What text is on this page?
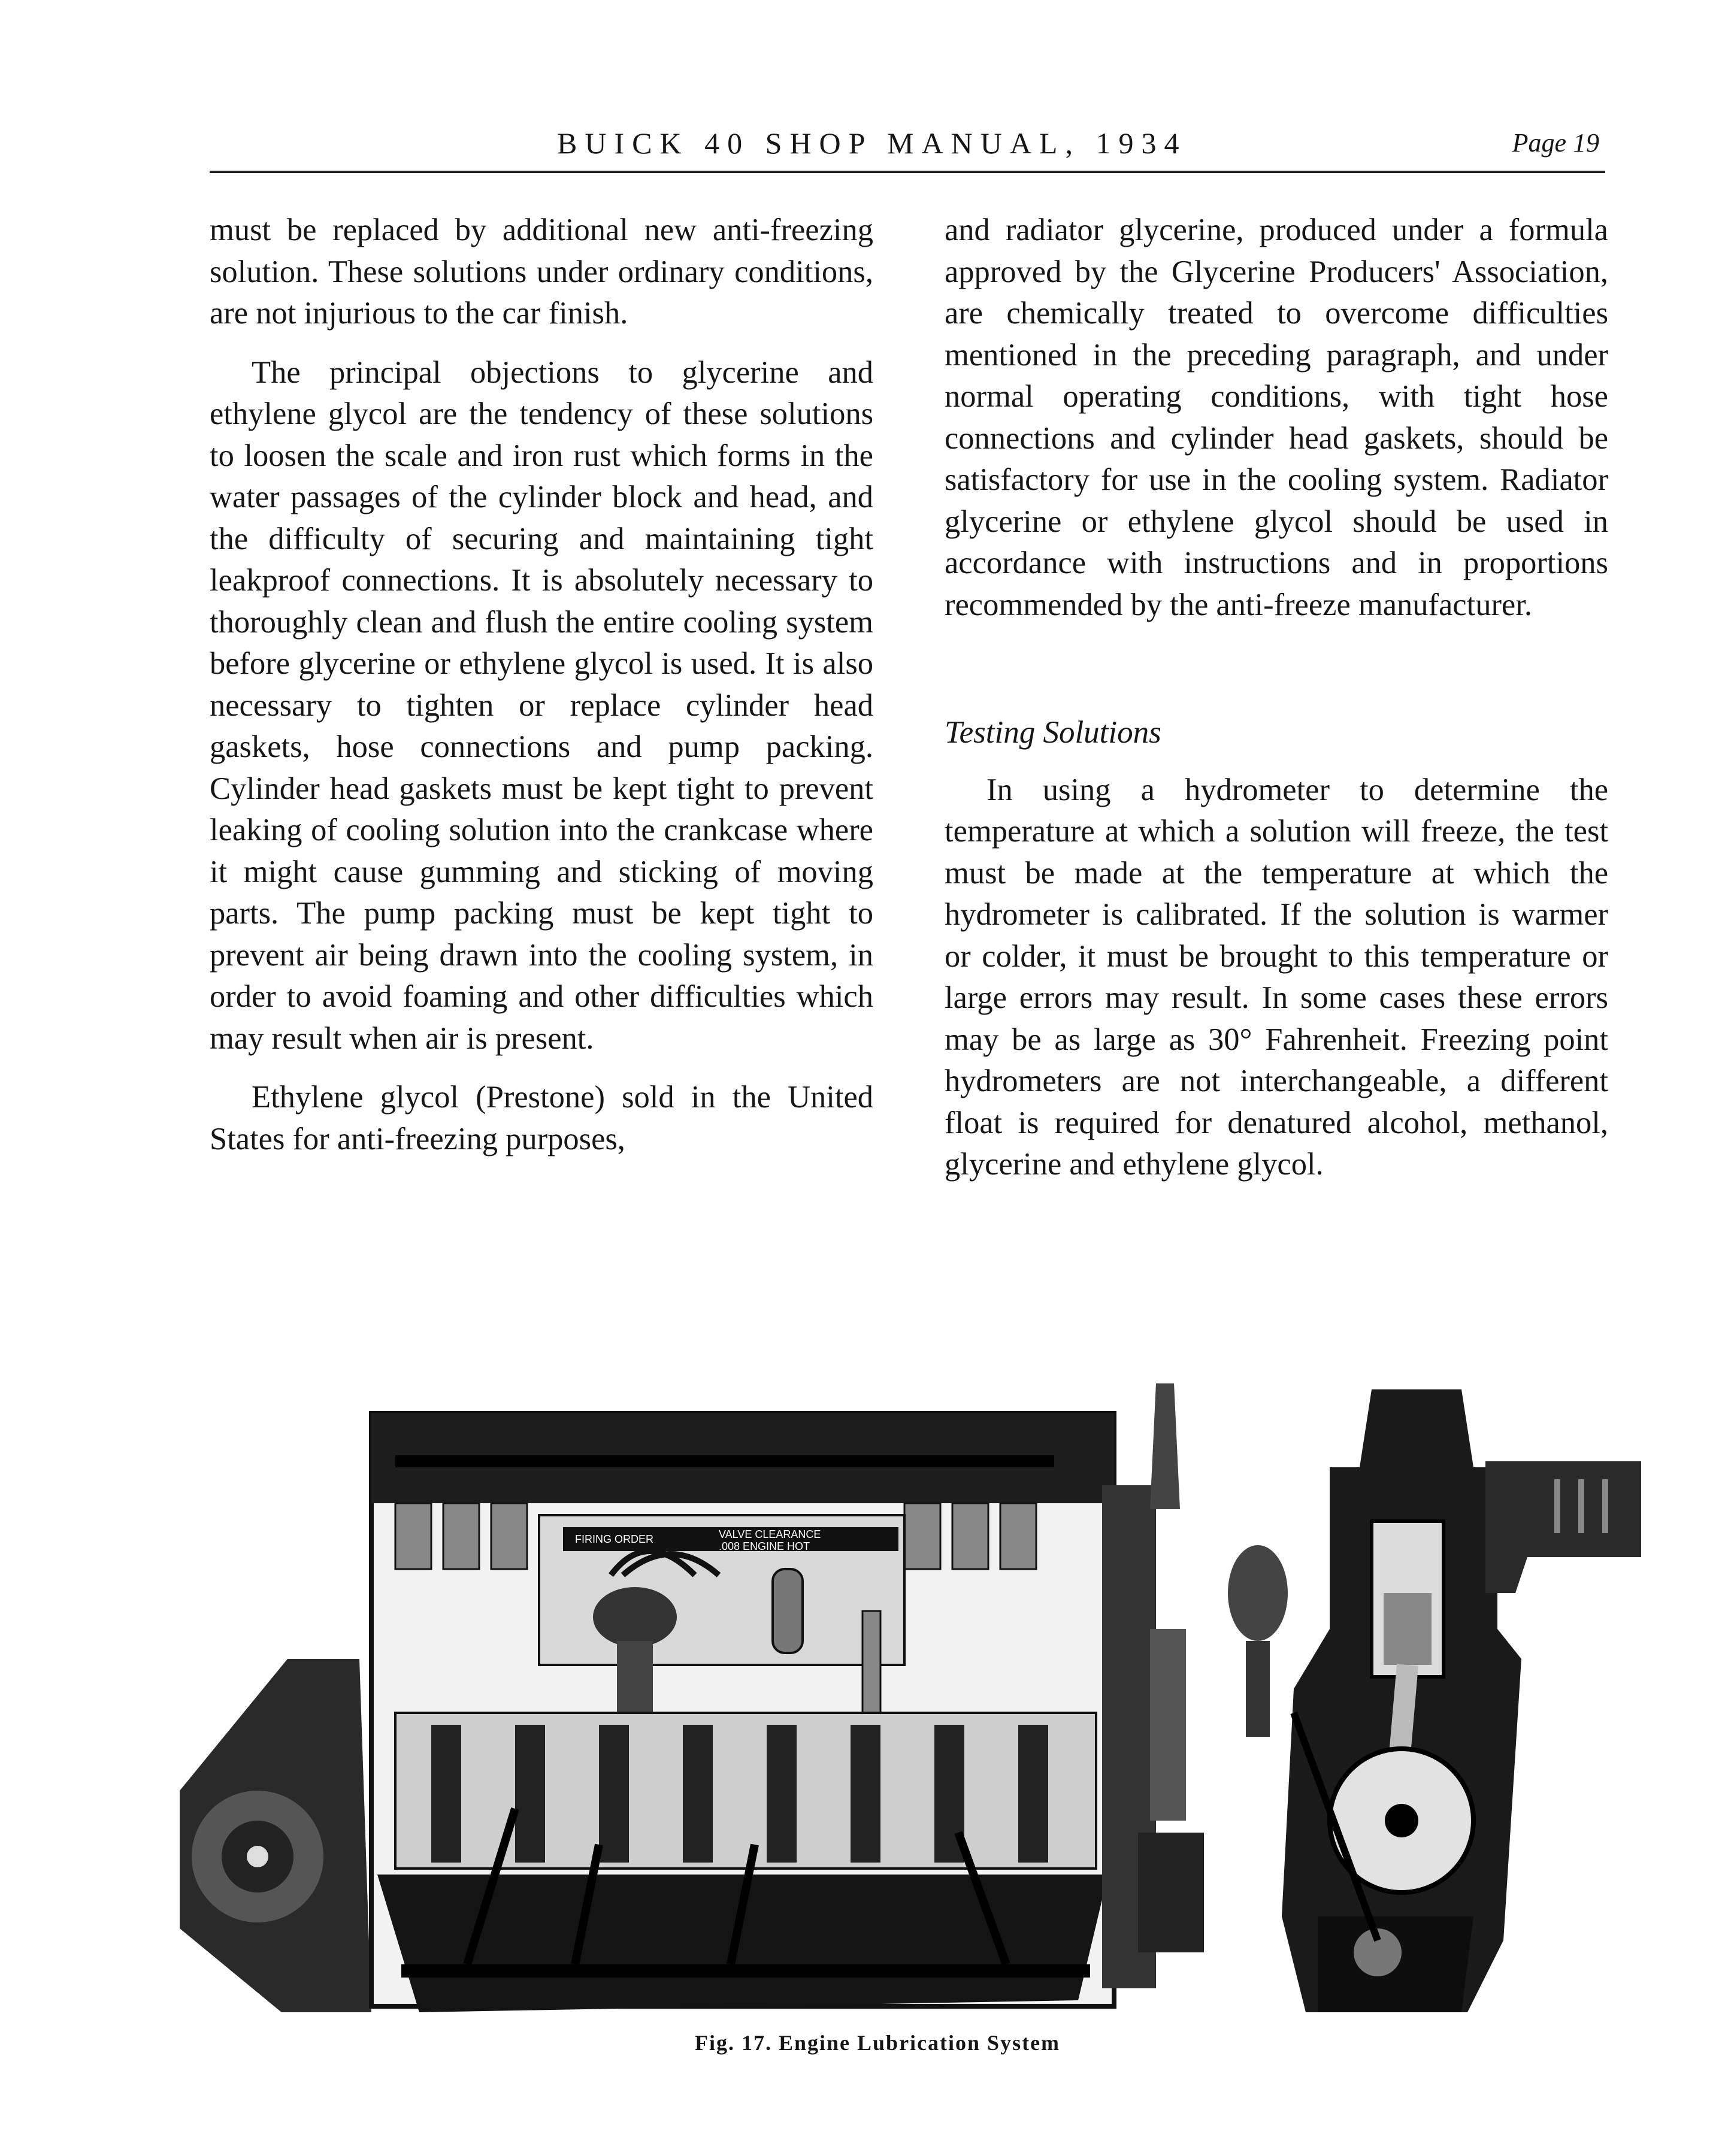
BUICK 40 SHOP MANUAL, 1934	Page 19

must be replaced by additional new anti-freezing solution. These solutions under ordinary conditions, are not injurious to the car finish.

The principal objections to glycerine and ethylene glycol are the tendency of these solutions to loosen the scale and iron rust which forms in the water passages of the cylinder block and head, and the difficulty of securing and maintaining tight leakproof connections. It is absolutely necessary to thoroughly clean and flush the entire cooling system before glycerine or ethylene glycol is used. It is also necessary to tighten or replace cylinder head gaskets, hose connections and pump packing. Cylinder head gaskets must be kept tight to prevent leaking of cooling solution into the crankcase where it might cause gumming and sticking of moving parts. The pump packing must be kept tight to prevent air being drawn into the cooling system, in order to avoid foaming and other difficulties which may result when air is present.

Ethylene glycol (Prestone) sold in the United States for anti-freezing purposes,

and radiator glycerine, produced under a formula approved by the Glycerine Producers' Association, are chemically treated to overcome difficulties mentioned in the preceding paragraph, and under normal operating conditions, with tight hose connections and cylinder head gaskets, should be satisfactory for use in the cooling system. Radiator glycerine or ethylene glycol should be used in accordance with instructions and in proportions recommended by the anti-freeze manufacturer.

Testing Solutions

In using a hydrometer to determine the temperature at which a solution will freeze, the test must be made at the temperature at which the hydrometer is calibrated. If the solution is warmer or colder, it must be brought to this temperature or large errors may result. In some cases these errors may be as large as 30° Fahrenheit. Freezing point hydrometers are not interchangeable, a different float is required for denatured alcohol, methanol, glycerine and ethylene glycol.

FIRING ORDER	VALVE CLEARANCE
.008 ENGINE HOT
Fig. 17. Engine Lubrication System
